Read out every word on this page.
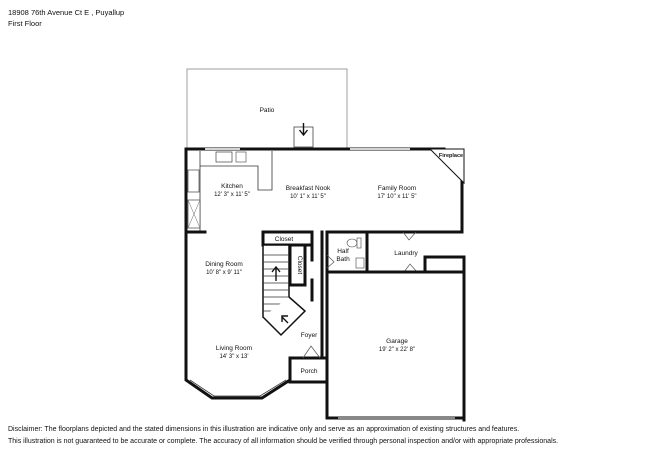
18908 76th Avenue Ct E , Puyallup
First Floor
Patio
Kitchen
12' 3" x 11' 5"
Breakfast Nook
10' 1" x 11' 5"
Family Room
17' 10" x 11' 5"
Fireplace
Closet
Closet
Dining Room
10' 8" x 9' 11"
Half
Bath
Laundry
Foyer
Living Room
14' 3" x 13'
Porch
Garage
19' 2" x 22' 8"
Disclaimer: The floorplans depicted and the stated dimensions in this illustration are indicative only and serve as an approximation of existing structures and features.
This illustration is not guaranteed to be accurate or complete. The accuracy of all information should be verified through personal inspection and/or with appropriate professionals.
